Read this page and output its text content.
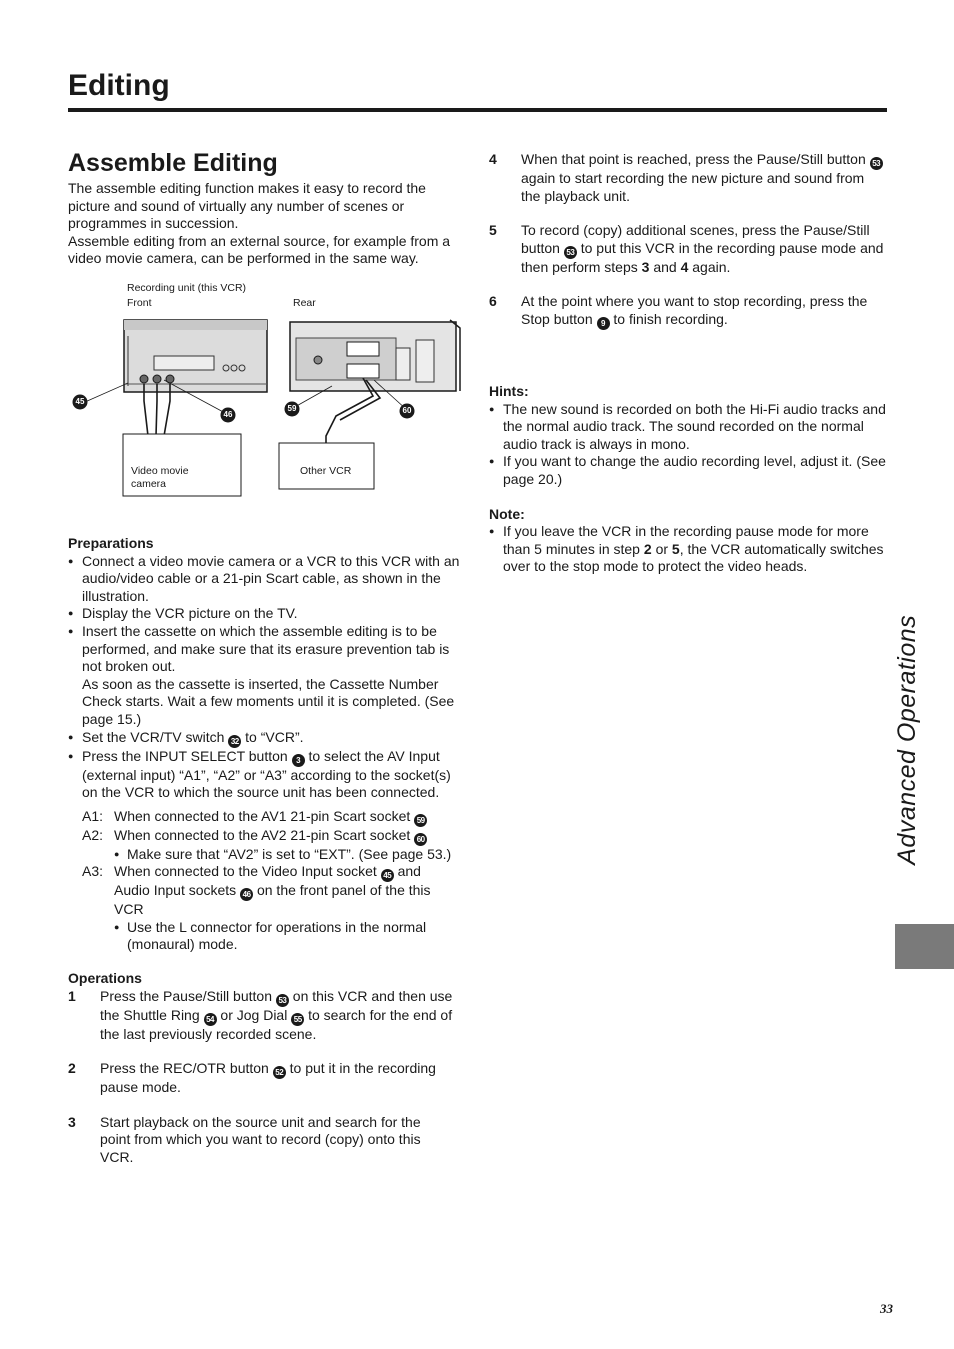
Editing
Assemble Editing

The assemble editing function makes it easy to record the picture and sound of virtually any number of scenes or programmes in succession.

Assemble editing from an external source, for example from a video movie camera, can be performed in the same way.

Preparations

● Connect a video movie camera or a VCR to this VCR with an audio/video cable or a 21-pin Scart cable, as shown in the illustration.
● Display the VCR picture on the TV.
● Insert the cassette on which the assemble editing is to be performed, and make sure that its erasure prevention tab is not broken out.
As soon as the cassette is inserted, the Cassette Number Check starts. Wait a few moments until it is completed. (See page 15.)
● Set the VCR/TV switch 32 to “VCR”.
● Press the INPUT SELECT button 3 to select the AV Input (external input) “A1”, “A2” or “A3” according to the socket(s) on the VCR to which the source unit has been connected.
A1: When connected to the AV1 21-pin Scart socket 59
A2: When connected to the AV2 21-pin Scart socket 60
● Make sure that “AV2” is set to “EXT”. (See page 53.)
A3: When connected to the Video Input socket 45 and Audio Input sockets 46 on the front panel of the this VCR
● Use the L connector for operations in the normal (monaural) mode.

Operations

1	Press the Pause/Still button 53 on this VCR and then use the Shuttle Ring 54 or Jog Dial 55 to search for the end of the last previously recorded scene.
2	Press the REC/OTR button 52 to put it in the recording pause mode.
3	Start playback on the source unit and search for the point from which you want to record (copy) onto this VCR.
Recording unit (this VCR)
Front	Rear
Video movie camera
Other VCR
45
46
59	60
4	When that point is reached, press the Pause/Still button 53 again to start recording the new picture and sound from the playback unit.
5	To record (copy) additional scenes, press the Pause/Still button 53 to put this VCR in the recording pause mode and then perform steps 3 and 4 again.
6	At the point where you want to stop recording, press the Stop button 9 to finish recording.

Hints:

● The new sound is recorded on both the Hi-Fi audio tracks and the normal audio track. The sound recorded on the normal audio track is always in mono.
● If you want to change the audio recording level, adjust it. (See page 20.)

Note:

● If you leave the VCR in the recording pause mode for more than 5 minutes in step 2 or 5, the VCR automatically switches over to the stop mode to protect the video heads.
Advanced Operations
33
